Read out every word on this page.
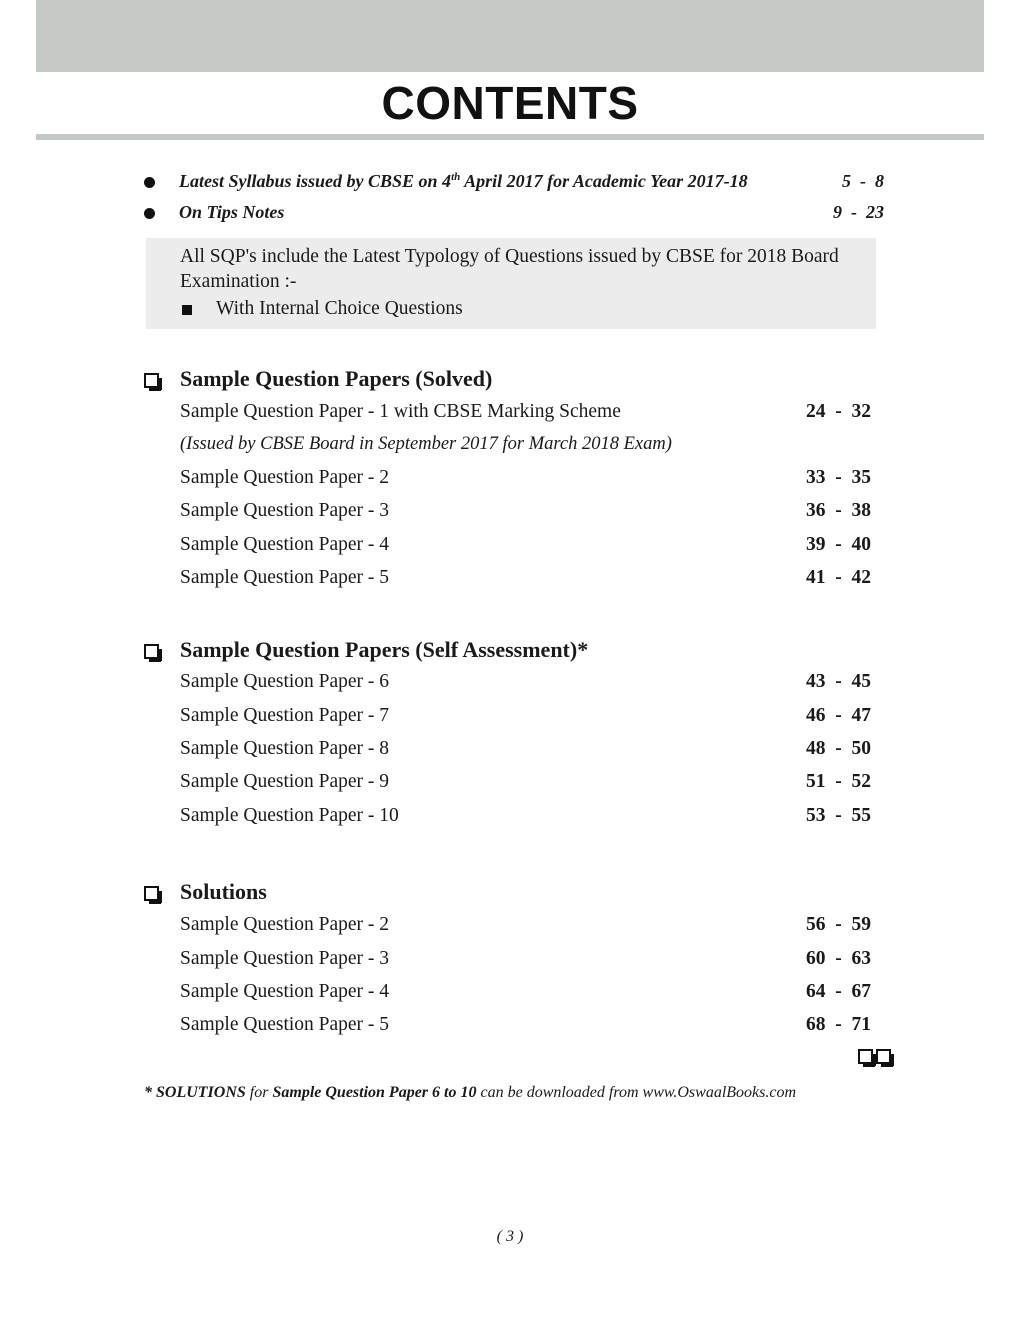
CONTENTS
Latest Syllabus issued by CBSE on 4th April 2017 for Academic Year 2017-18	5  -  8
On Tips Notes	9  -  23
All SQP's include the Latest Typology of Questions issued by CBSE for 2018 Board Examination :-
With Internal Choice Questions
Sample Question Papers (Solved)
Sample Question Paper - 1 with CBSE Marking Scheme	24  -  32
(Issued by CBSE Board in September 2017 for March 2018 Exam)
Sample Question Paper - 2	33  -  35
Sample Question Paper - 3	36  -  38
Sample Question Paper - 4	39  -  40
Sample Question Paper - 5	41  -  42
Sample Question Papers (Self Assessment)*
Sample Question Paper - 6	43  -  45
Sample Question Paper - 7	46  -  47
Sample Question Paper - 8	48  -  50
Sample Question Paper - 9	51  -  52
Sample Question Paper - 10	53  -  55
Solutions
Sample Question Paper - 2	56  -  59
Sample Question Paper - 3	60  -  63
Sample Question Paper - 4	64  -  67
Sample Question Paper - 5	68  -  71
* SOLUTIONS for Sample Question Paper 6 to 10 can be downloaded from www.OswaalBooks.com
( 3 )
